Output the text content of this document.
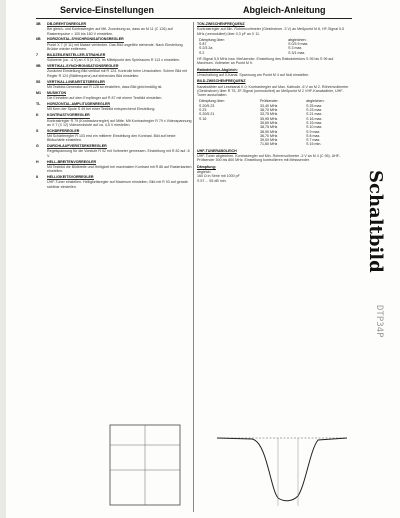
Service-Einstellungen	Abgleich-Anleitung
3B	DB-DREHTONREGLER
Bei gleich- und Kontrastregler auf Mit. Zuordnung so, dass an M 11 (C 126) auf Rasterimpulse = 100 bis 160 V einstellen.
6B	HORIZONTAL-SYNCHRONISATIONSREGLER
Punkt X 7 (X 11) mit Masse verbinden. Das Bild ungefähr stehende. Nach Einstellung Brücke wieder entfernen.
7	BILDZEILENSTELLER-STRAHLER
Sollwerte (ca. -4 V) an X 5 (X 10). Im Mittelpunkt des Spielraums R 113 x einstellen.
9B	VERTIKAL-SYNCHRONISATIONSREGLER
Zunächst Einstellung Bild vertikal mit R 124. Kontrolle beim Umschalten. Schirm Bild mit Regler R 124 (Bildfrequenz) auf stehendes Bild einstellen.
5S	VERTIKAL-LINEARITÄTSREGLER
Mit Testbild-Generator auf R 128 so einstellen, dass Bild gleichmäßig ist.
M1	MUSIKTON
Die Einheiten auf dem Empfänger auf R 87 mit einem Testbild einstellen.
TL	HORIZONTAL-AMPLITUDENREGLER
Mit Kern der Spule S 49 bei einer Testbild entsprechend Einstellung.
K	KONTRASTVORREGLER
Kontrastregler R 79 (Kontrastvorregler) auf Mitte. Mit Kontrastregler R 79 x Videospannung an X 7 (X 12) Videoendstufe auf ca. 4,5 V einstellen.
S	SCHÄRFEREGLER
Mit Schärferegler R 103 erst ein mittlerer Einstellung den Kontrast. Bild auf beste Bildschärfe einstellen.
G	DURCHLAUFVERSTÄRKEREGLER
Regelspannung für die Vorstufe R 92 mit Voltmeter gemessen. Einstellung mit R 82 auf -6 V.
H	HELL-BREITENVORREGLER
Mit Testbild die Bildbreite und Helligkeit bei maximalem Kontrast mit R 86 auf Rasterkanten einstellen.
8	HELLIGKEITSVORREGLER
UHF-Tuner einstellen. Helligkeitsregler auf Maximum einstellen, Bild mit R 93 auf gerade sichtbar einstellen.
TON-ZWISCHENFREQUENZ
Kontrastregler auf Min. Rohrenvoltmeter (Gleichstrom -3 V) an Meßpunkt M 8, HF-Signal 5,5 MHz (unmoduliert) über 0,3 pF an X 11.
Dämpfung über:		abgleichen:
S 87		S 0/3 9 max.
S 2/3 2a		S 3 max.
S 2		S 3/1 max.
HF-Signal 5,5 MHz bzw. Meßsender. Einstellung des Ratiodetektors S 95 bis S 99 auf Maximum. Voltmeter an Punkt M 9.
Ratiodetektor-Abgleich:
Umschaltung auf 0-Kanal. Spannung am Punkt M 4 auf Null einstellen.
BILD-ZWISCHENFREQUENZ
Kanalwähler auf Lesekanal K 0; Kontrastregler auf Max. Kathode -6 V an M 2. Röhrenvoltmeter (Gleichstrom) über R 75, ZF-Signal (unmoduliert) an Meßpunkt M 2 VHF-Kanalwähler, UHF-Tuner ausschalten.
Dämpfung über:	Prüfsender:	abgleichen:
S 20/5 23	33,40 MHz	S 25 max.
S 23	38,70 MHz	S 23 max.
S 20/5 21	33,75 MHz	S 21 max.
S 16	35,95 MHz	S 16 max.
	35,65 MHz	S 15 max.
	38,75 MHz	S 10 max.
	38,90 MHz	S 9 max.
	36,70 MHz	S 8 max.
	39,00 MHz	S 7 max.
	71,60 MHz	S 15 min.
UHF-TUNERABGLEICH
UHF-Tuner abgleichen. Kontrastregler auf Min. Rohrenvoltmeter -3 V an M 4 (C 95). UHF-Prüfsender 500 bis 800 MHz. Einstellung kontrollieren mit Messsender.
Dämpfung:
abgleich:
160 Ω in Serie mit 1000 pF
S 57 ... 55 dB min.	Schaltbild
DTP34P
